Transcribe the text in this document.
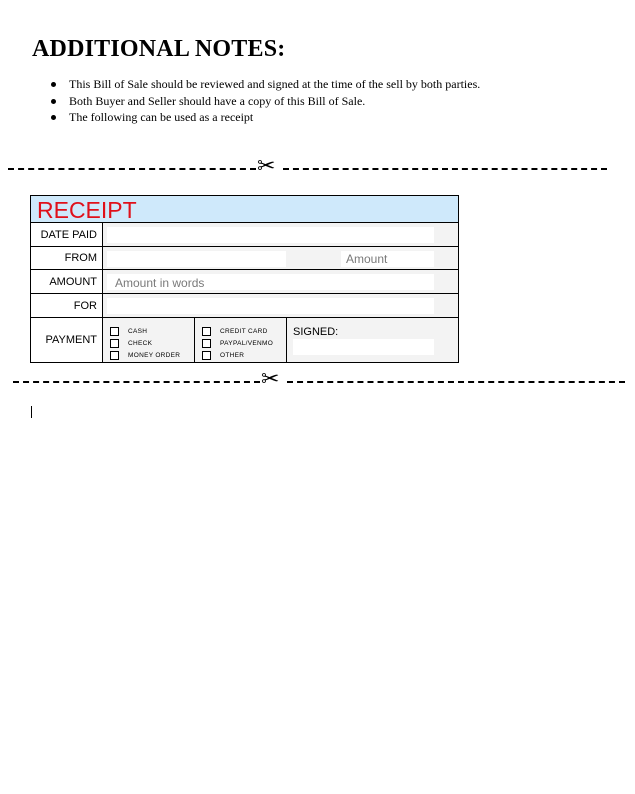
ADDITIONAL NOTES:
This Bill of Sale should be reviewed and signed at the time of the sell by both parties.
Both Buyer and Seller should have a copy of this Bill of Sale.
The following can be used as a receipt
✂
RECEIPT
DATE PAID
FROM	Amount
AMOUNT	Amount in words
FOR
PAYMENT
CASH
CHECK
MONEY ORDER
CREDIT CARD
PAYPAL/VENMO
OTHER
SIGNED:
✂
